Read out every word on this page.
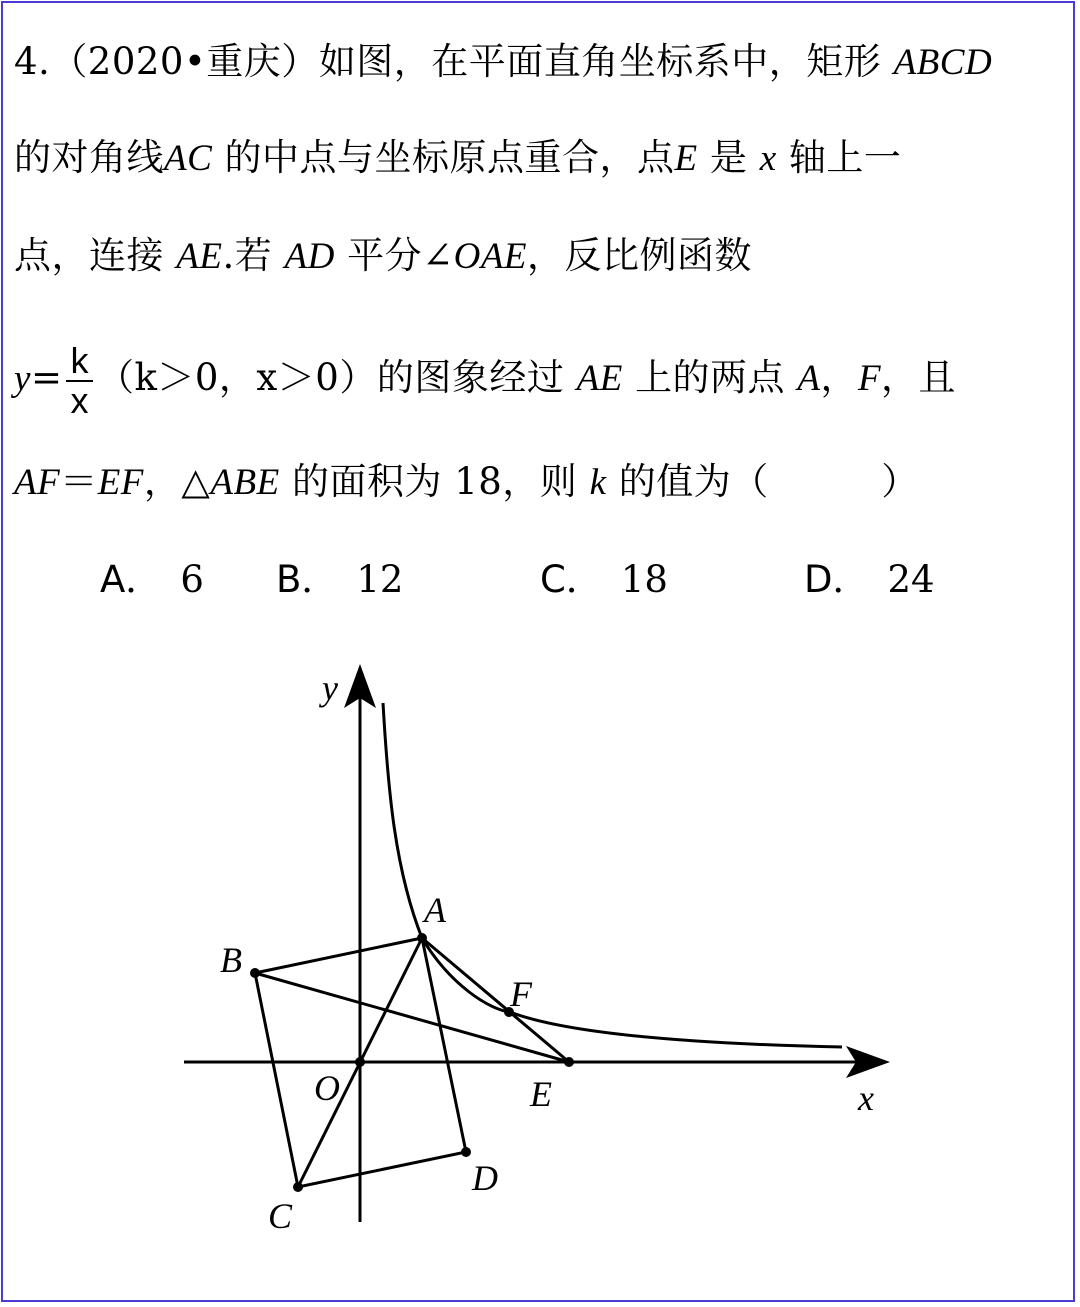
4.（2020•重庆）如图，在平面直角坐标系中，矩形 ABCD
的对角线AC 的中点与坐标原点重合，点E 是 x 轴上一
点，连接 AE.若 AD 平分∠OAE，反比例函数
$y= \frac{k}{x} (k>0$，x＞0）的图象经过 AE 上的两点 A，F，且
AF＝EF，△ABE 的面积为 18，则 k 的值为（　　　）
A． 6 B． 12	C． 18	D． 24
y
x
O
A
B
C
D
E
F
